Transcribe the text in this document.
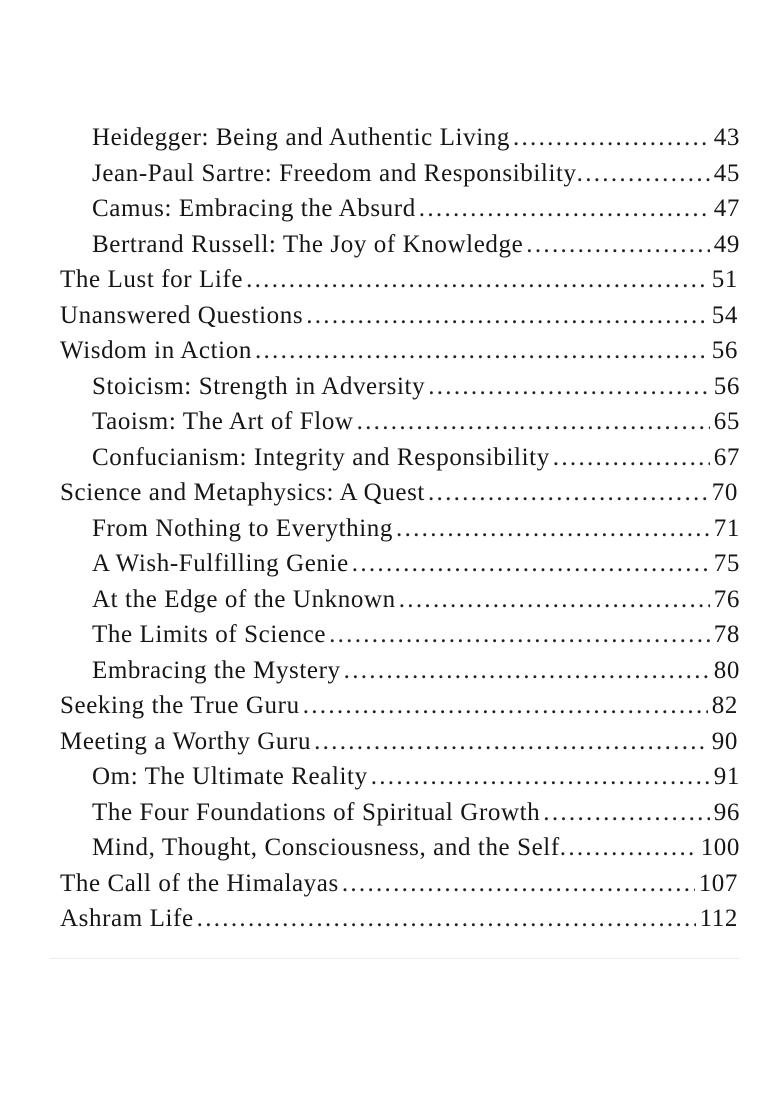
Heidegger: Being and Authentic Living .....	43
Jean-Paul Sartre: Freedom and Responsibility .....	45
Camus: Embracing the Absurd .....	47
Bertrand Russell: The Joy of Knowledge .....	49
The Lust for Life .....	51
Unanswered Questions .....	54
Wisdom in Action .....	56
Stoicism: Strength in Adversity .....	56
Taoism: The Art of Flow .....	65
Confucianism: Integrity and Responsibility .....	67
Science and Metaphysics: A Quest .....	70
From Nothing to Everything .....	71
A Wish-Fulfilling Genie .....	75
At the Edge of the Unknown .....	76
The Limits of Science .....	78
Embracing the Mystery .....	80
Seeking the True Guru .....	82
Meeting a Worthy Guru .....	90
Om: The Ultimate Reality .....	91
The Four Foundations of Spiritual Growth .....	96
Mind, Thought, Consciousness, and the Self .....	100
The Call of the Himalayas .....	107
Ashram Life .....	112
